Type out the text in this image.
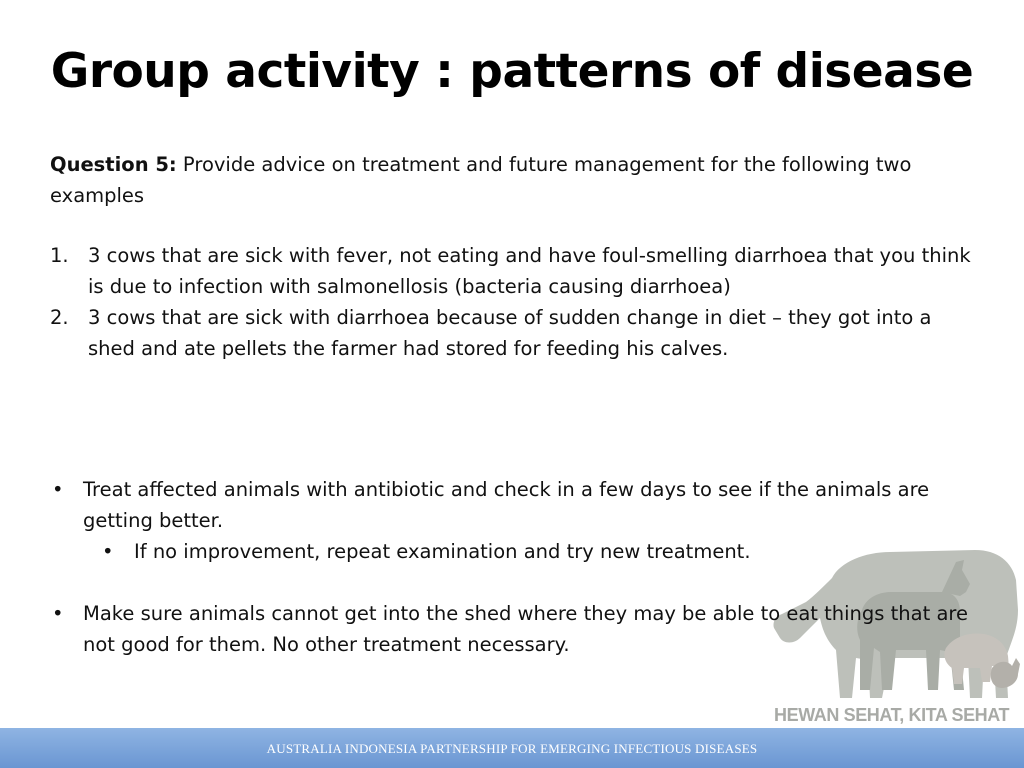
Group activity : patterns of disease
Question 5: Provide advice on treatment and future management for the following two examples
1. 3 cows that are sick with fever, not eating and have foul-smelling diarrhoea that you think is due to infection with salmonellosis (bacteria causing diarrhoea)
2. 3 cows that are sick with diarrhoea because of sudden change in diet – they got into a shed and ate pellets the farmer had stored for feeding his calves.
• Treat affected animals with antibiotic and check in a few days to see if the animals are getting better.
• If no improvement, repeat examination and try new treatment.
• Make sure animals cannot get into the shed where they may be able to eat things that are not good for them. No other treatment necessary.
HEWAN SEHAT, KITA SEHAT
AUSTRALIA INDONESIA PARTNERSHIP FOR EMERGING INFECTIOUS DISEASES
